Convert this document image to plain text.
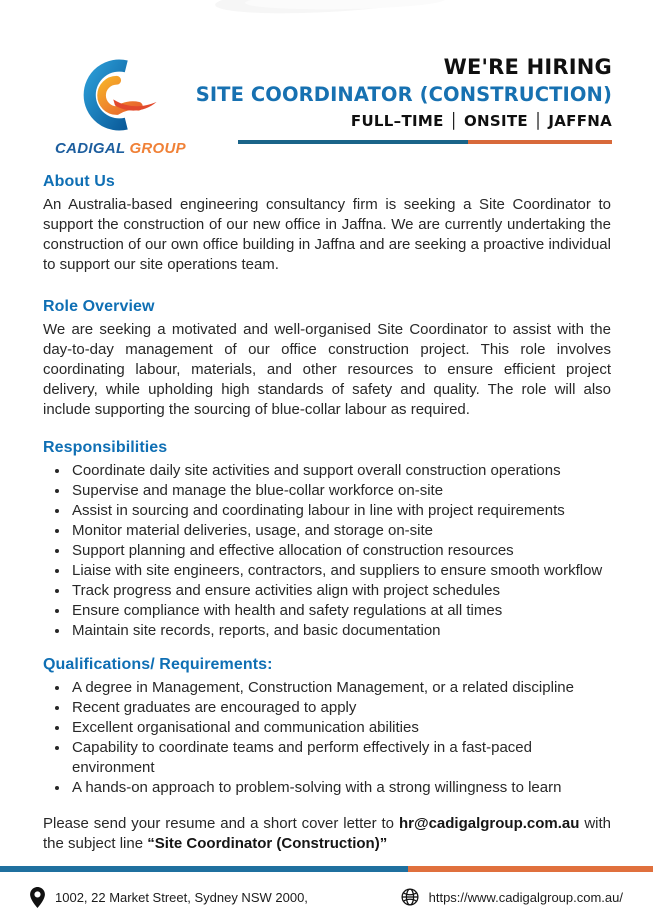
CADIGAL GROUP
WE'RE HIRING
SITE COORDINATOR (CONSTRUCTION)
FULL–TIME │ ONSITE │ JAFFNA
About Us

An Australia-based engineering consultancy firm is seeking a Site Coordinator to support the construction of our new office in Jaffna. We are currently undertaking the construction of our own office building in Jaffna and are seeking a proactive individual to support our site operations team.

Role Overview

We are seeking a motivated and well-organised Site Coordinator to assist with the day-to-day management of our office construction project. This role involves coordinating labour, materials, and other resources to ensure efficient project delivery, while upholding high standards of safety and quality. The role will also include supporting the sourcing of blue-collar labour as required.

Responsibilities
• Coordinate daily site activities and support overall construction operations
• Supervise and manage the blue-collar workforce on-site
• Assist in sourcing and coordinating labour in line with project requirements
• Monitor material deliveries, usage, and storage on-site
• Support planning and effective allocation of construction resources
• Liaise with site engineers, contractors, and suppliers to ensure smooth workflow
• Track progress and ensure activities align with project schedules
• Ensure compliance with health and safety regulations at all times
• Maintain site records, reports, and basic documentation
Qualifications/ Requirements:
• A degree in Management, Construction Management, or a related discipline
• Recent graduates are encouraged to apply
• Excellent organisational and communication abilities
• Capability to coordinate teams and perform effectively in a fast-paced environment
• A hands-on approach to problem-solving with a strong willingness to learn

Please send your resume and a short cover letter to hr@cadigalgroup.com.au with the subject line “Site Coordinator (Construction)”

1002, 22 Market Street, Sydney NSW 2000,	https://www.cadigalgroup.com.au/
